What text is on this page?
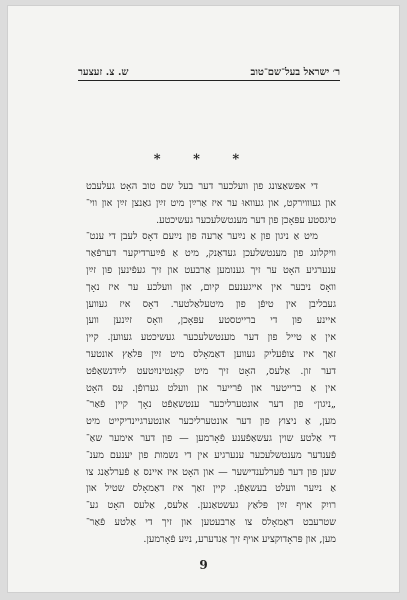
ר׳ ישראל בעל־שם־טוב
ש. צ. זעצער
* * *
די אפּשאַצונג פון וועלכער דער בעל שם טוב האָט געלעבט
און געוווירקט, און געוואוּ ער איז אַרײַן מיט זײַן גאַנצן זײַן און ווי־
טיגסטע עפּאָכן פון דער מענטשלעכער געשיכטע.
מיט אַ ניגון פון אַ נײַער אַרעה פון נײַעם דאָס לעבן די ענט־
וויקלונג פון מענטשלעכן געדאַנק, מיט אַ פֿײַערדיקער דערפֿאַר
ענערגיע האָט ער זיך גענומען אַרבעט און זיך געפֿינען פון זײַן
וואָס ניבער אין אייגענעם קיום, און וועלכע ער איז נאָך
געבליבן אין טיפֿן פון מיטעלאַלטער. דאָס איז געווען
איינע פון די ברייטסטע עפּאָכן, וואָס זײַנען ווען
אין אַ טייל פון דער מענטשלעכער געשיכטע געווען. קיין
זאַך איז צופֿעליק געווען דאַמאָלס מיט זײַן פּלאַץ אונטער
דער זון. אַלעס, האָט זיך מיט קאָנטינויִטעט לײַדנשאַפֿט
אין אַ ברייטער און פֿרייער און וועלט גערופֿן. עס האָט
„ניגון״ פון דער אונטערליכער ענטשאַפֿט נאָך קיין פֿאַר־
מען, אַ ניצוץ פון דער אונטערליכער אונטערגיינדיקייט מיט
די אַלטע שוין געשאַפֿענע פֿאָרמען — פון דער אימער שאַ־
פֿענדער מענטשלעכער ענערגיע אין די נשמות פון יענעם מענ־
שען פון דער פֿערלענדישער — און האָט איז איינס אַ פֿערלאַנג צו
אַ נײַער וועלט בעשאַפֿן. קיין זאַך איז דאַמאָלס שטיל און
רויִק אויף זײַן פּלאַץ געשטאַנען. אַלעס, אַלעס האָט גע־
שטרעבט דאַמאָלס צו אַרבעטען און זיך די אַלטע פֿאַר־
מען, און פּראָדוקציע אויף זיך אַנדערע, נײַע פֿאָרמען.
9
